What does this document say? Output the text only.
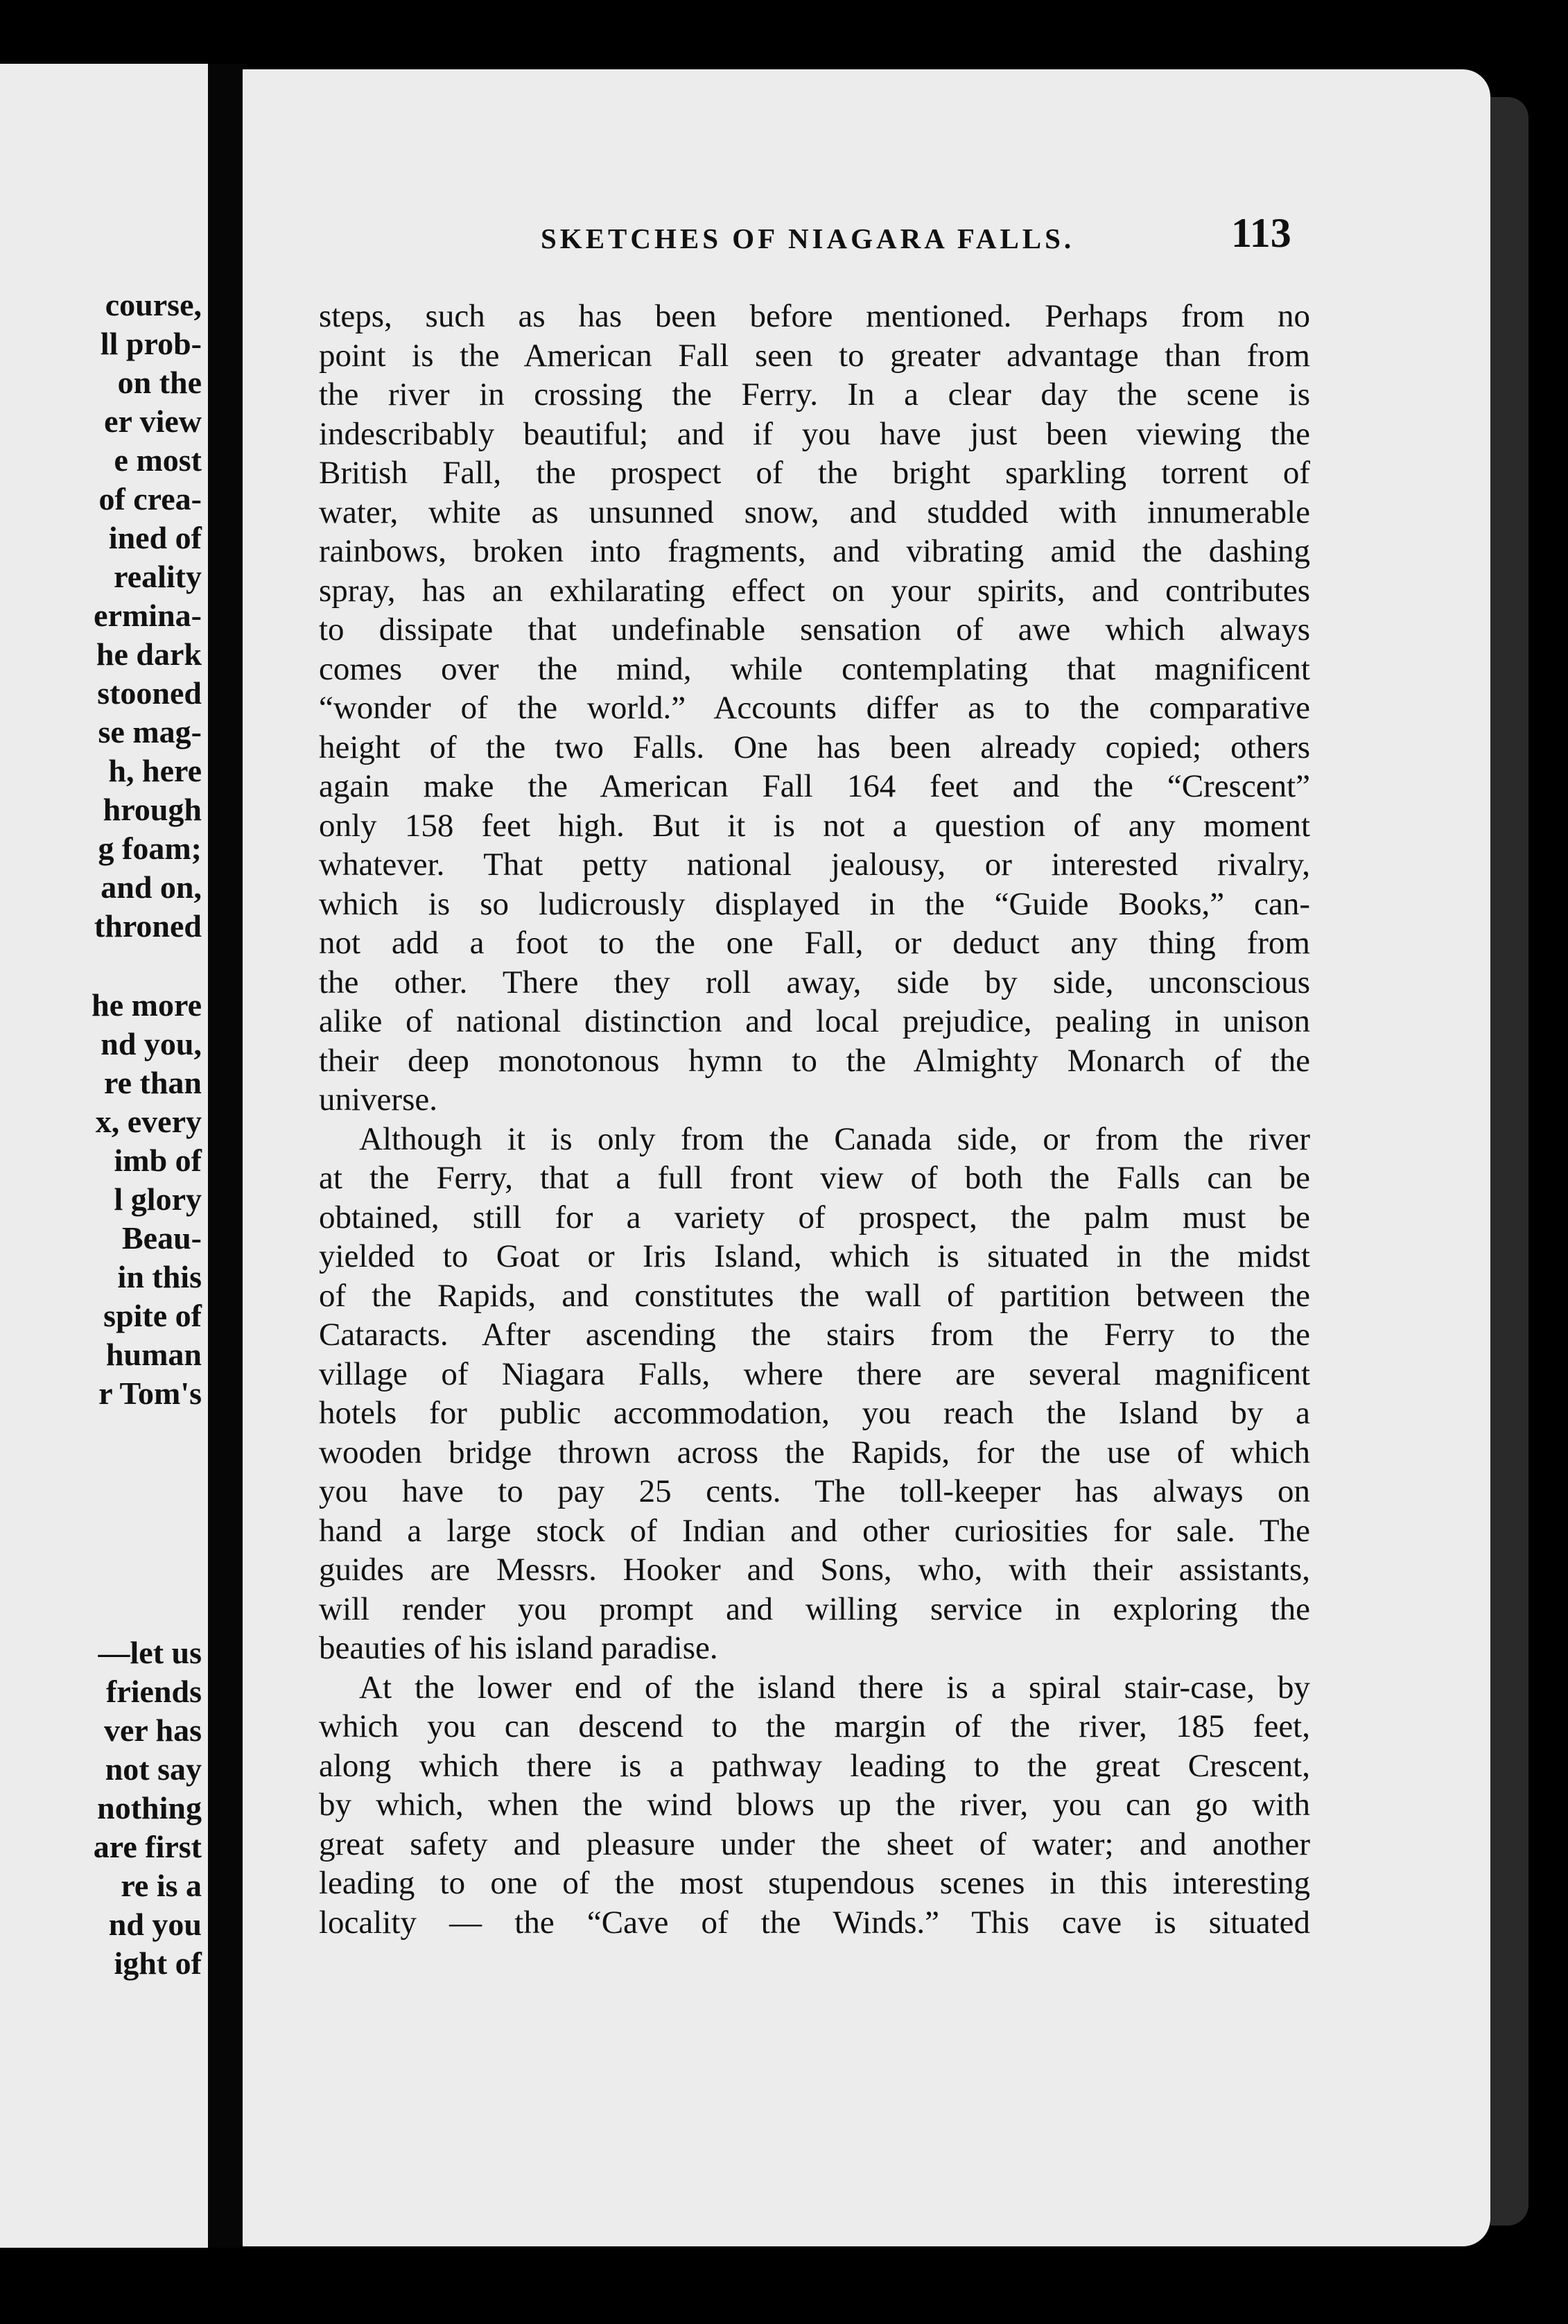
course,
ll prob-
on the
er view
e most
of crea-
ined of
reality
ermina-
he dark
stooned
se mag-
h, here
hrough
g foam;
and on,
throned
he more
nd you,
re than
x, every
imb of
l glory
Beau-
in this
spite of
human
r Tom's
—let us
friends
ver has
not say
nothing
are first
re is a
nd you
ight of
SKETCHES OF NIAGARA FALLS.	113
steps, such as has been before mentioned. Perhaps from no
point is the American Fall seen to greater advantage than from
the river in crossing the Ferry. In a clear day the scene is
indescribably beautiful; and if you have just been viewing the
British Fall, the prospect of the bright sparkling torrent of
water, white as unsunned snow, and studded with innumerable
rainbows, broken into fragments, and vibrating amid the dashing
spray, has an exhilarating effect on your spirits, and contributes
to dissipate that undefinable sensation of awe which always
comes over the mind, while contemplating that magnificent
“wonder of the world.” Accounts differ as to the comparative
height of the two Falls. One has been already copied; others
again make the American Fall 164 feet and the “Crescent”
only 158 feet high. But it is not a question of any moment
whatever. That petty national jealousy, or interested rivalry,
which is so ludicrously displayed in the “Guide Books,” can-
not add a foot to the one Fall, or deduct any thing from
the other. There they roll away, side by side, unconscious
alike of national distinction and local prejudice, pealing in unison
their deep monotonous hymn to the Almighty Monarch of the
universe.
Although it is only from the Canada side, or from the river
at the Ferry, that a full front view of both the Falls can be
obtained, still for a variety of prospect, the palm must be
yielded to Goat or Iris Island, which is situated in the midst
of the Rapids, and constitutes the wall of partition between the
Cataracts. After ascending the stairs from the Ferry to the
village of Niagara Falls, where there are several magnificent
hotels for public accommodation, you reach the Island by a
wooden bridge thrown across the Rapids, for the use of which
you have to pay 25 cents. The toll-keeper has always on
hand a large stock of Indian and other curiosities for sale. The
guides are Messrs. Hooker and Sons, who, with their assistants,
will render you prompt and willing service in exploring the
beauties of his island paradise.
At the lower end of the island there is a spiral stair-case, by
which you can descend to the margin of the river, 185 feet,
along which there is a pathway leading to the great Crescent,
by which, when the wind blows up the river, you can go with
great safety and pleasure under the sheet of water; and another
leading to one of the most stupendous scenes in this interesting
locality — the “Cave of the Winds.” This cave is situated
